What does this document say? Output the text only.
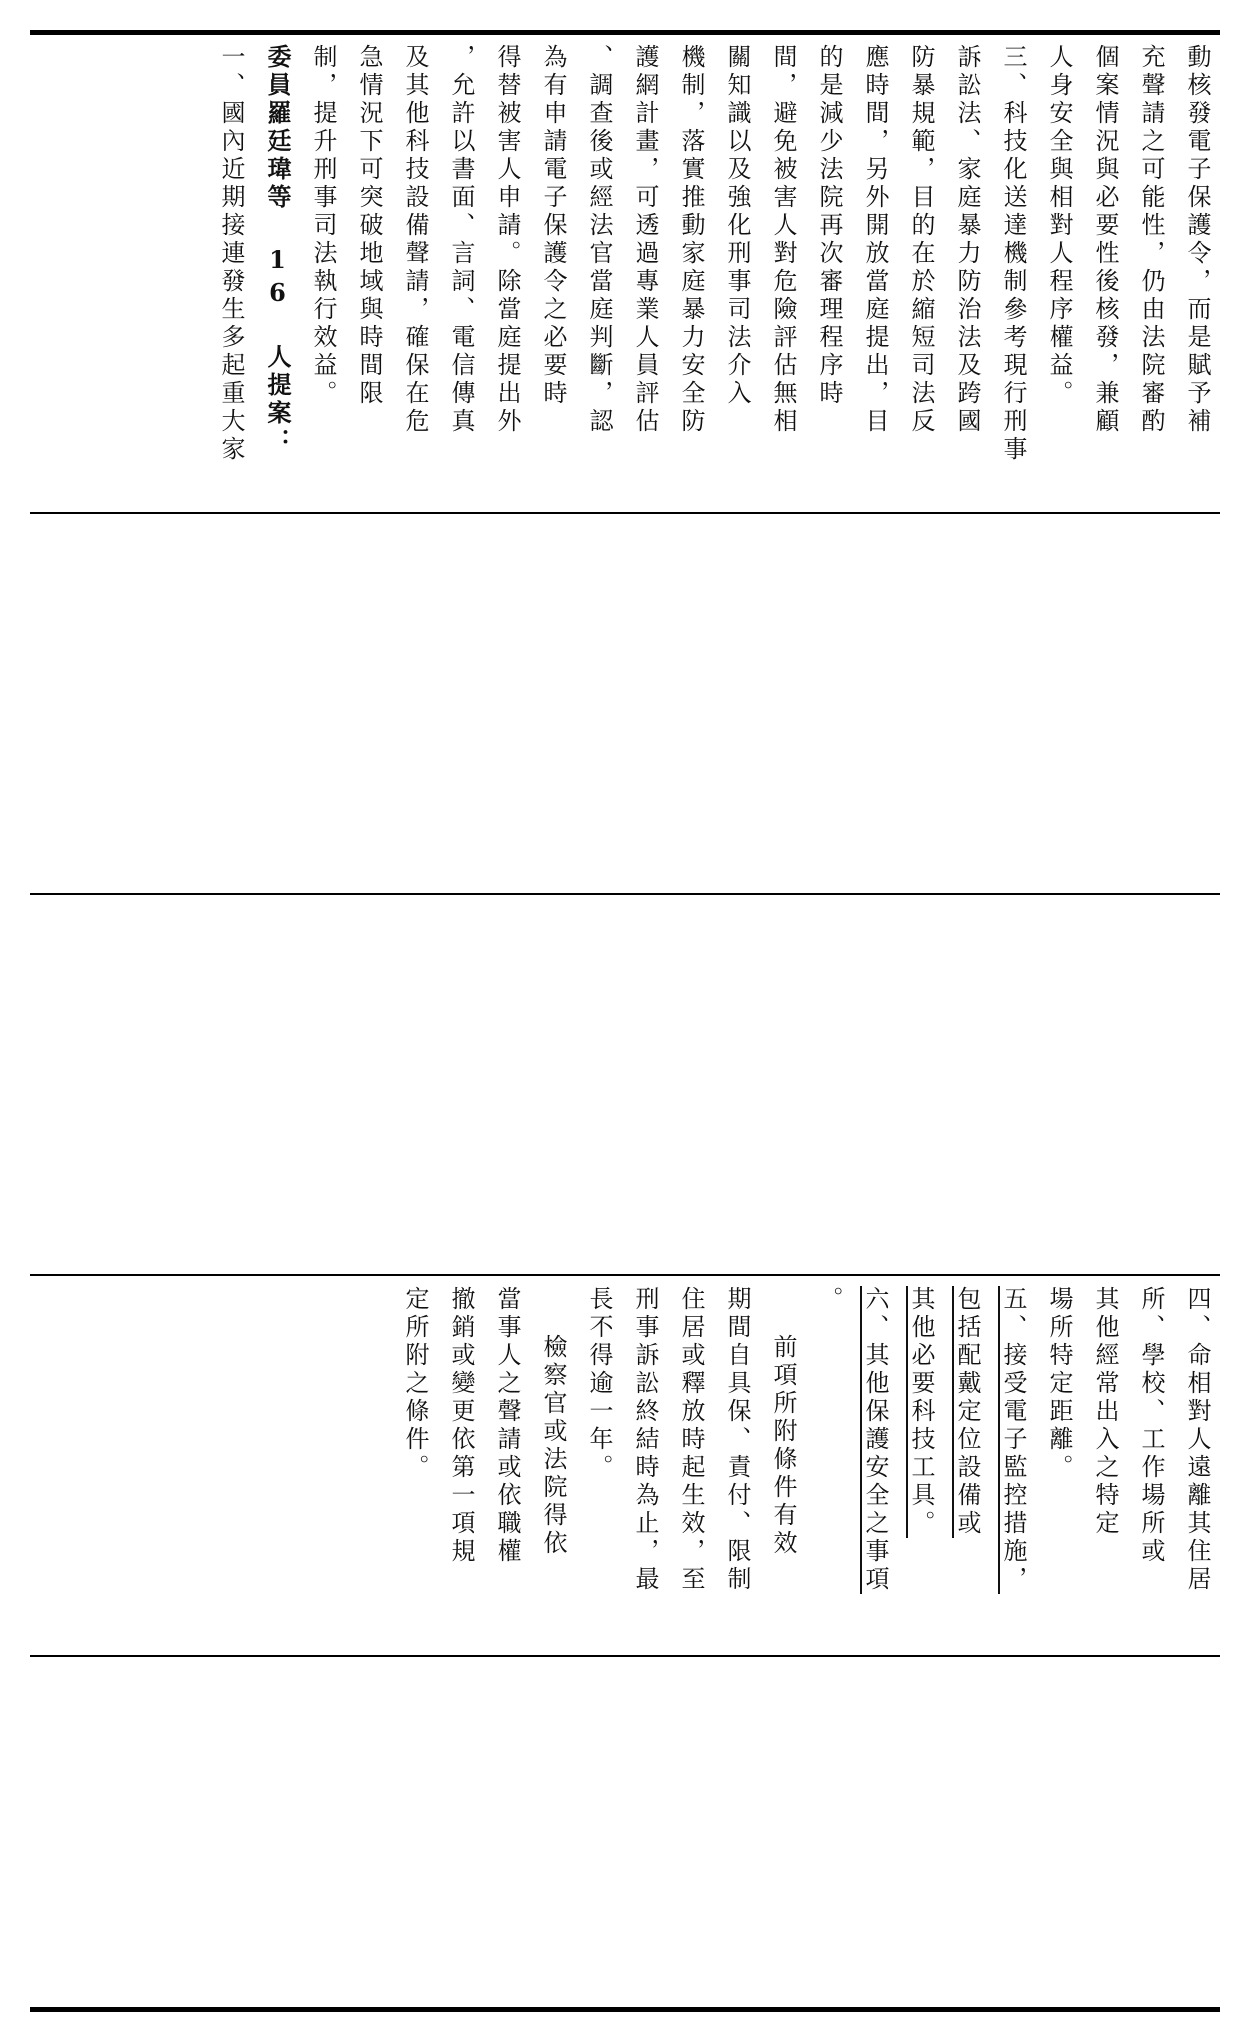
動核發電子保護令，而是賦予補
充聲請之可能性，仍由法院審酌
個案情況與必要性後核發，兼顧
人身安全與相對人程序權益。
三、科技化送達機制參考現行刑事
訴訟法、家庭暴力防治法及跨國
防暴規範，目的在於縮短司法反
應時間，另外開放當庭提出，目
的是減少法院再次審理程序時
間，避免被害人對危險評估無相
關知識以及強化刑事司法介入
機制，落實推動家庭暴力安全防
護網計畫，可透過專業人員評估
、調查後或經法官當庭判斷，認
為有申請電子保護令之必要時
得替被害人申請。除當庭提出外
，允許以書面、言詞、電信傳真
及其他科技設備聲請，確保在危
急情況下可突破地域與時間限
制，提升刑事司法執行效益。
委員羅廷瑋等 16 人提案：
一、國內近期接連發生多起重大家
四、命相對人遠離其住居
所、學校、工作場所或
其他經常出入之特定
場所特定距離。
五、接受電子監控措施，
包括配戴定位設備或
其他必要科技工具。
六、其他保護安全之事項
。
前項所附條件有效
期間自具保、責付、限制
住居或釋放時起生效，至
刑事訴訟終結時為止，最
長不得逾一年。
檢察官或法院得依
當事人之聲請或依職權
撤銷或變更依第一項規
定所附之條件。
